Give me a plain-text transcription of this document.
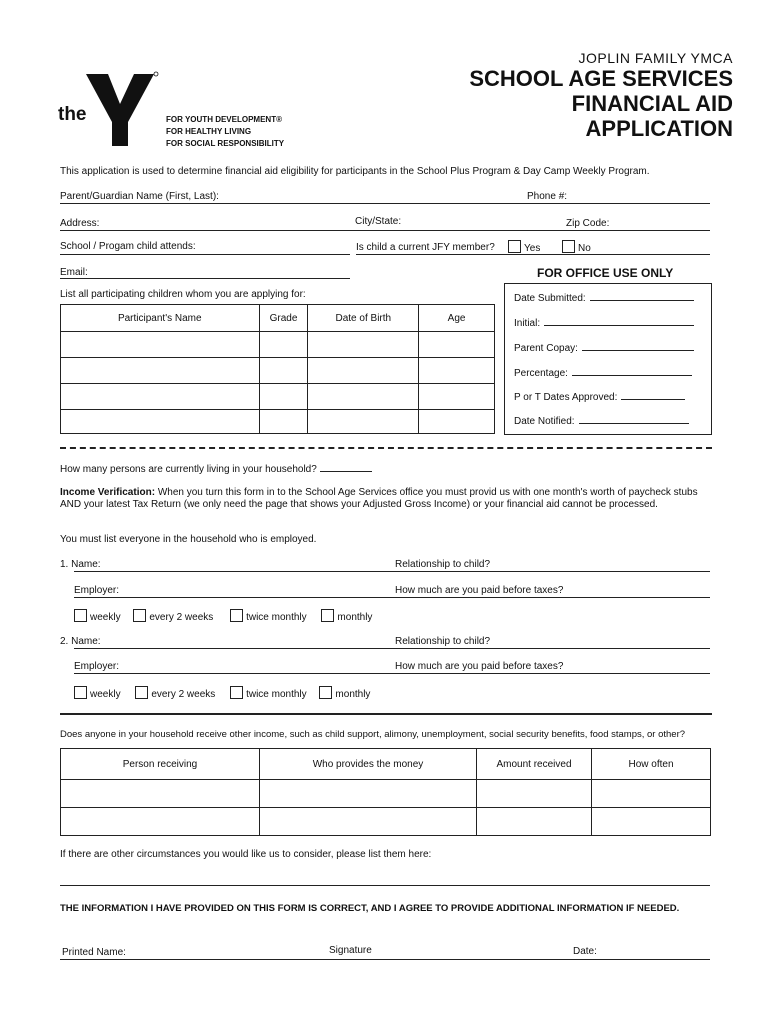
the	FOR YOUTH DEVELOPMENT®
FOR HEALTHY LIVING
FOR SOCIAL RESPONSIBILITY
JOPLIN FAMILY YMCA
SCHOOL AGE SERVICES
FINANCIAL AID
APPLICATION
This application is used to determine financial aid eligibility for participants in the School Plus Program & Day Camp Weekly Program.
Parent/Guardian Name (First, Last):	Phone #:
Address:	City/State:	Zip Code:
School / Progam child attends:	Is child a current JFY member?	Yes	No
Email:	FOR OFFICE USE ONLY
List all participating children whom you are applying for:
Participant's Name	Grade	Date of Birth	Age

Date Submitted:
Initial:
Parent Copay:
Percentage:
P or T Dates Approved:
Date Notified:
How many persons are currently living in your household?
Income Verification: When you turn this form in to the School Age Services office you must provid us with one month's worth of paycheck stubs AND your latest Tax Return (we only need the page that shows your Adjusted Gross Income) or your financial aid cannot be processed.
You must list everyone in the household who is employed.
1. Name:	Relationship to child?
Employer:	How much are you paid before taxes?
weekly	every 2 weeks	twice monthly	monthly
2. Name:	Relationship to child?
Employer:	How much are you paid before taxes?
weekly	every 2 weeks	twice monthly	monthly
Does anyone in your household receive other income, such as child support, alimony, unemployment, social security benefits, food stamps, or other?
Person receiving	Who provides the money	Amount received	How often

If there are other circumstances you would like us to consider, please list them here:
THE INFORMATION I HAVE PROVIDED ON THIS FORM IS CORRECT, AND I AGREE TO PROVIDE ADDITIONAL INFORMATION IF NEEDED.
Printed Name:	Signature	Date:
